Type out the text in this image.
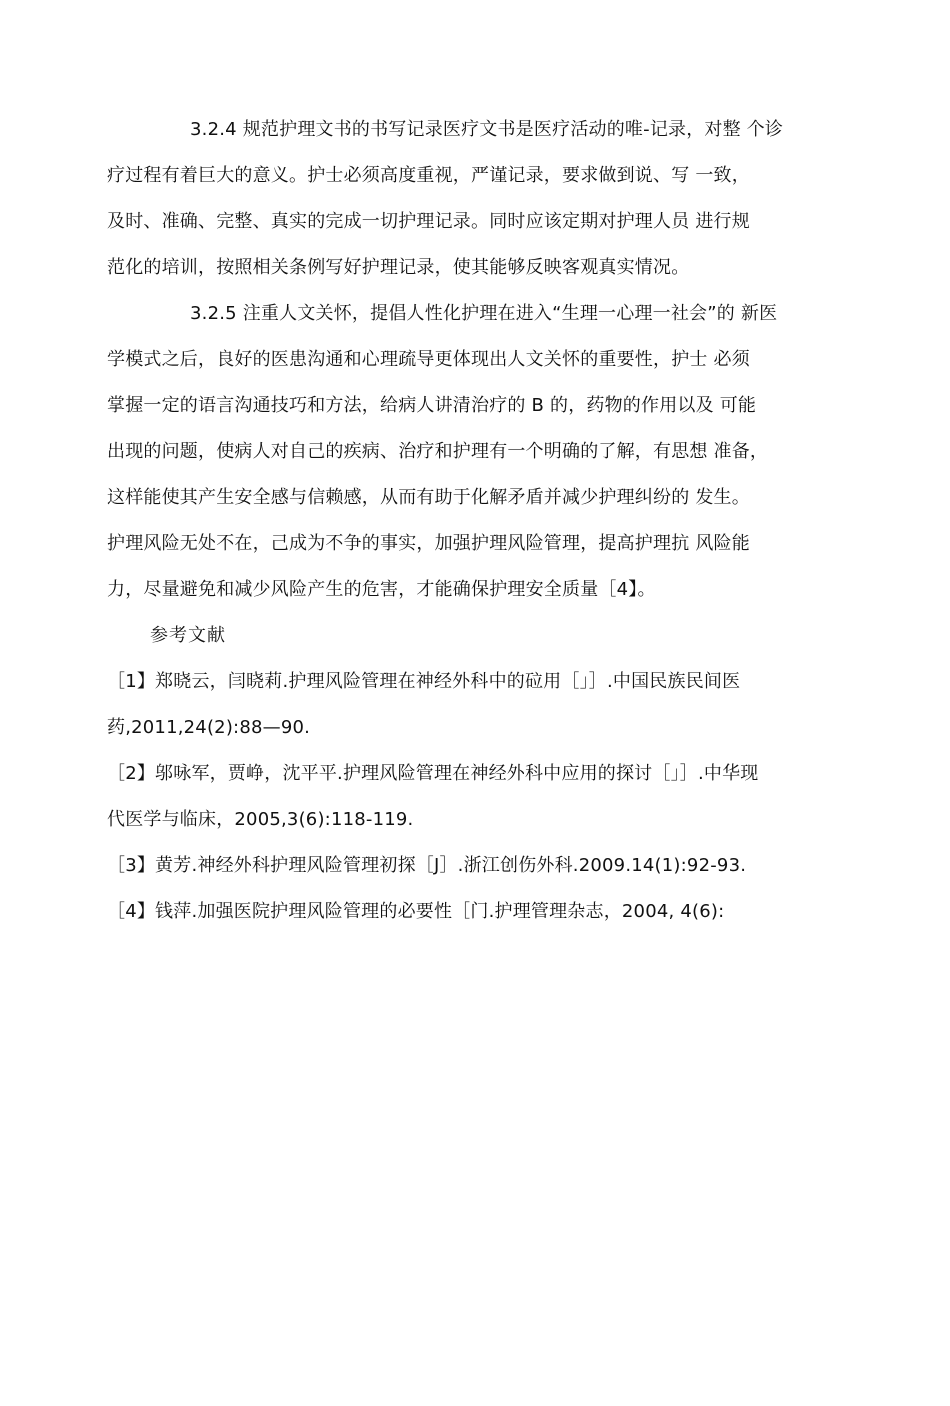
3.2.4 规范护理文书的书写记录医疗文书是医疗活动的唯-记录，对整 个诊
疗过程有着巨大的意义。护士必须高度重视，严谨记录，要求做到说、写 一致，
及时、准确、完整、真实的完成一切护理记录。同时应该定期对护理人员 进行规
范化的培训，按照相关条例写好护理记录，使其能够反映客观真实情况。
3.2.5 注重人文关怀，提倡人性化护理在进入“生理一心理一社会”的 新医
学模式之后，良好的医患沟通和心理疏导更体现出人文关怀的重要性，护士 必须
掌握一定的语言沟通技巧和方法，给病人讲清治疗的 B 的，药物的作用以及 可能
出现的问题，使病人对自己的疾病、治疗和护理有一个明确的了解，有思想 准备，
这样能使其产生安全感与信赖感，从而有助于化解矛盾并减少护理纠纷的 发生。
护理风险无处不在，己成为不争的事实，加强护理风险管理，提高护理抗 风险能
力，尽量避免和减少风险产生的危害，才能确保护理安全质量［4】。
参考文献
［1】郑晓云，闫晓莉.护理风险管理在神经外科中的砬用［」］.中国民族民间医
药,2011,24(2):88—90.
［2】邬咏军，贾峥，沈平平.护理风险管理在神经外科中应用的探讨［」］.中华现
代医学与临床，2005,3(6):118-119.
［3】黄芳.神经外科护理风险管理初探［J］.浙江创伤外科.2009.14(1):92-93.
［4】钱萍.加强医院护理风险管理的必要性［门.护理管理杂志，2004, 4(6):
